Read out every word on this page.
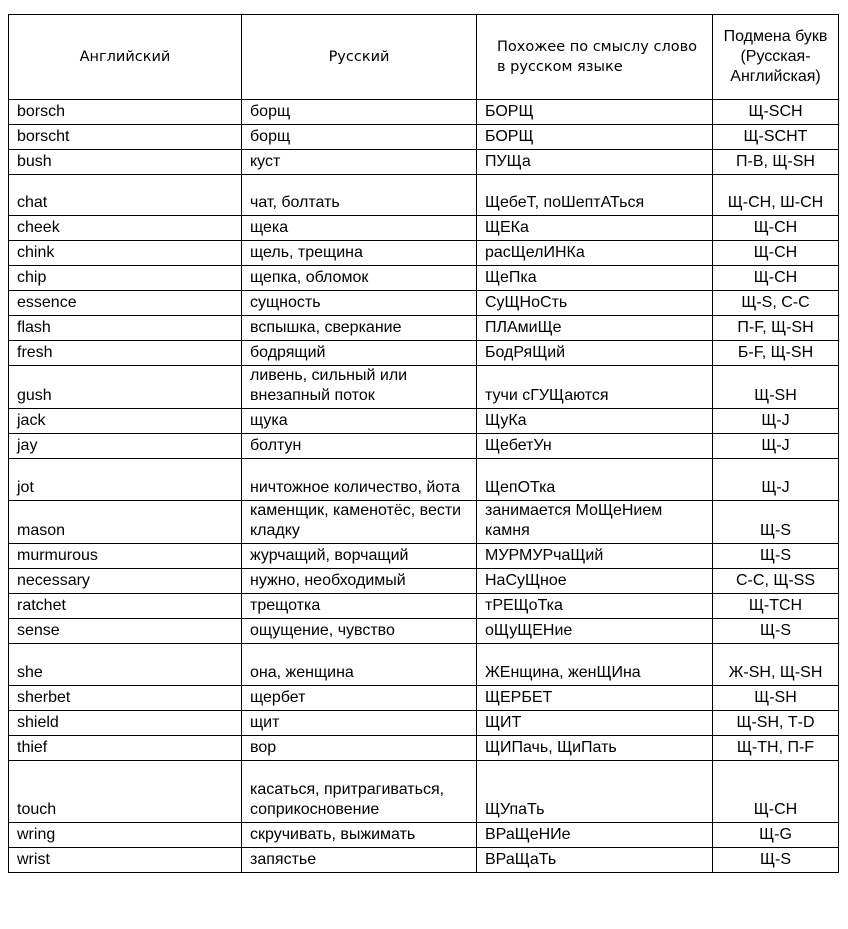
Английский	Русский	Похожее по смыслу слово в русском языке	Подмена букв (Русская-Английская)
borsch	борщ	БОРЩ	Щ-SCH
borscht	борщ	БОРЩ	Щ-SCHT
bush	куст	ПУЩа	П-В, Щ-SH
chat	чат, болтать	ЩебеТ, поШептАТься	Щ-CH, Ш-CH
cheek	щека	ЩЕКа	Щ-CH
chink	щель, трещина	расЩелИНКа	Щ-CH
chip	щепка, обломок	ЩеПка	Щ-CH
essence	сущность	СуЩНоСть	Щ-S, С-С
flash	вспышка, сверкание	ПЛАмиЩе	П-F, Щ-SH
fresh	бодрящий	БодРяЩий	Б-F, Щ-SH
gush	ливень, сильный или внезапный поток	тучи сГУЩаются	Щ-SH
jack	щука	ЩуКа	Щ-J
jay	болтун	ЩебетУн	Щ-J
jot	ничтожное количество, йота	ЩепОТка	Щ-J
mason	каменщик, каменотёс, вести кладку	занимается МоЩеНием камня	Щ-S
murmurous	журчащий, ворчащий	МУРМУРчаЩий	Щ-S
necessary	нужно, необходимый	НаСуЩное	С-С, Щ-SS
ratchet	трещотка	тРЕЩоТка	Щ-TCH
sense	ощущение, чувство	оЩуЩЕНие	Щ-S
she	она, женщина	ЖЕнщина, женЩИна	Ж-SH, Щ-SH
sherbet	щербет	ЩЕРБЕТ	Щ-SH
shield	щит	ЩИТ	Щ-SH, Т-D
thief	вор	ЩИПачь, ЩиПать	Щ-TH, П-F
touch	касаться, притрагиваться, соприкосновение	ЩУпаТь	Щ-CH
wring	скручивать, выжимать	ВРаЩеНИе	Щ-G
wrist	запястье	ВРаЩаТь	Щ-S
